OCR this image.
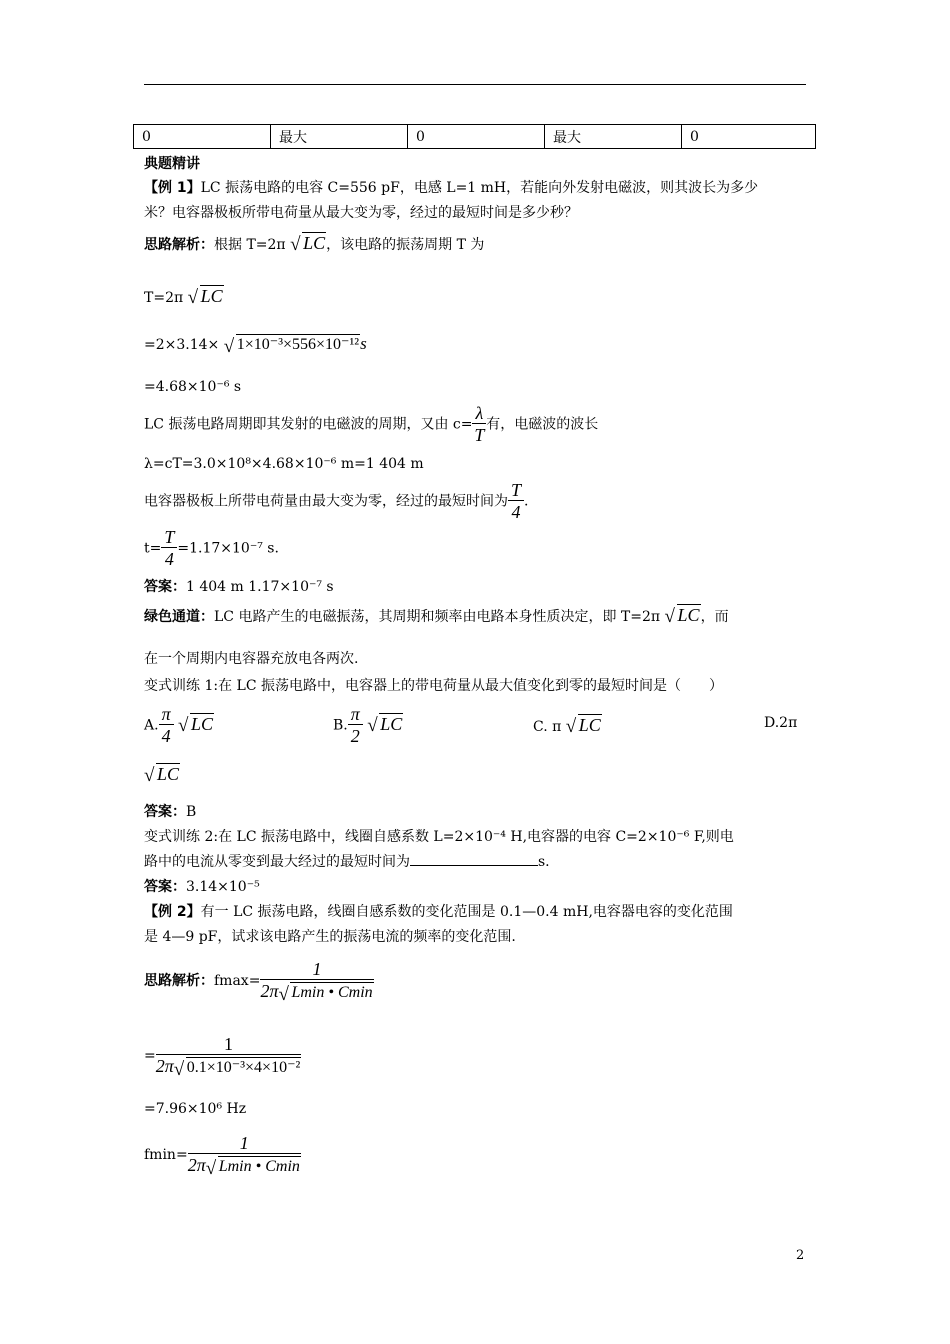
0	最大	0	最大	0
典题精讲
【例 1】LC 振荡电路的电容 C=556 pF，电感 L=1 mH，若能向外发射电磁波，则其波长为多少
米？电容器极板所带电荷量从最大变为零，经过的最短时间是多少秒？
思路解析：根据 T=2π √ LC，该电路的振荡周期 T 为
T=2π √ LC
=2×3.14× √ 1×10⁻³×556×10⁻¹²s
=4.68×10⁻⁶ s
LC 振荡电路周期即其发射的电磁波的周期，又由 $c= \frac{\lambda}{T}$ 有，电磁波的波长
λ=cT=3.0×10⁸×4.68×10⁻⁶ m=1 404 m
电容器极板上所带电荷量由最大变为零，经过的最短时间为 $\frac{T}{4}$ .
$t= \frac{T}{4} =1.17\times 10^{-7}$ s.
答案：1 404 m 1.17×10⁻⁷ s
绿色通道：LC 电路产生的电磁振荡，其周期和频率由电路本身性质决定，即 T=2π √ LC，而
在一个周期内电容器充放电各两次.
变式训练 1:在 LC 振荡电路中，电容器上的带电荷量从最大值变化到零的最短时间是（　　）
A. $\frac{\pi}{4}$
√ LC	B. $\frac{\pi}{2}$
√ LC	C. π √ LC	D.2π
√ LC
答案：B
变式训练 2:在 LC 振荡电路中，线圈自感系数 L=2×10⁻⁴ H,电容器的电容 C=2×10⁻⁶ F,则电
路中的电流从零变到最大经过的最短时间为	s.
答案：3.14×10⁻⁵
【例 2】有一 LC 振荡电路，线圈自感系数的变化范围是 0.1—0.4 mH,电容器电容的变化范围
是 4—9 pF，试求该电路产生的振荡电流的频率的变化范围.
思路解析：$fmax= \frac{1}{2\pi √ Lmin • Cmin}$
= $\frac{1}{\text{2π √ 0.1×10⁻³×4×10⁻²}}$
=7.96×10⁶ Hz
$fmin= \frac{1}{2\pi √ Lmin • Cmin}$
2
